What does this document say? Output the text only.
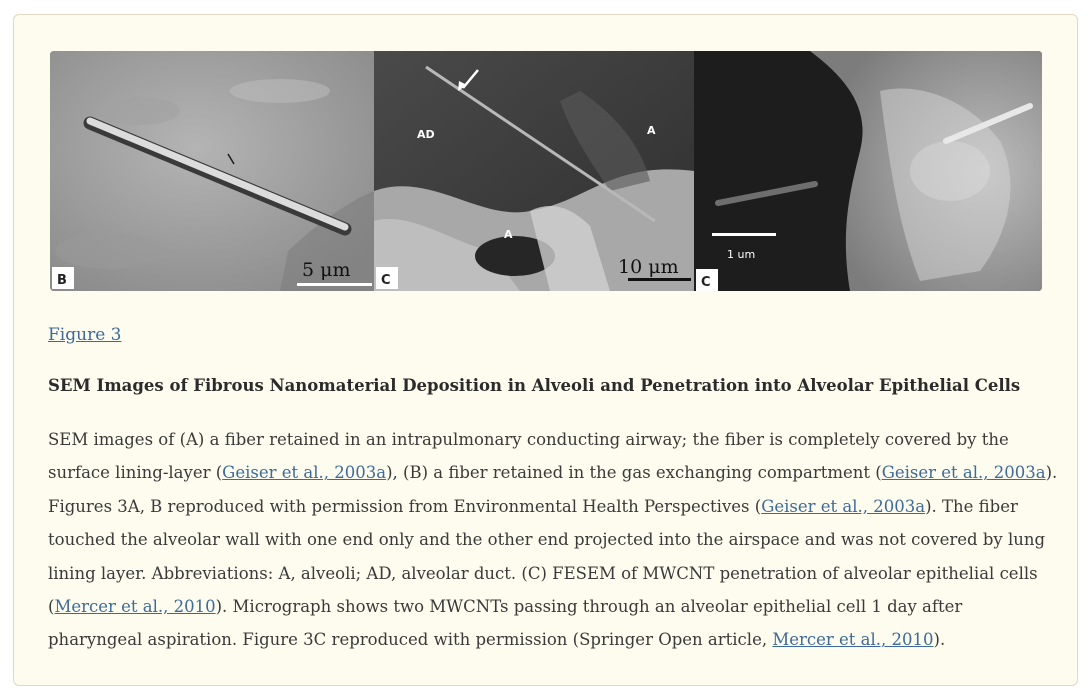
5 μm
B
AD	A
A
10 μm
C
1 um
C
Figure 3
SEM Images of Fibrous Nanomaterial Deposition in Alveoli and Penetration into Alveolar Epithelial Cells

SEM images of (A) a fiber retained in an intrapulmonary conducting airway; the fiber is completely covered by the surface lining-layer (Geiser et al., 2003a), (B) a fiber retained in the gas exchanging compartment (Geiser et al., 2003a). Figures 3A, B reproduced with permission from Environmental Health Perspectives (Geiser et al., 2003a). The fiber touched the alveolar wall with one end only and the other end projected into the airspace and was not covered by lung lining layer. Abbreviations: A, alveoli; AD, alveolar duct. (C) FESEM of MWCNT penetration of alveolar epithelial cells (Mercer et al., 2010). Micrograph shows two MWCNTs passing through an alveolar epithelial cell 1 day after pharyngeal aspiration. Figure 3C reproduced with permission (Springer Open article, Mercer et al., 2010).
